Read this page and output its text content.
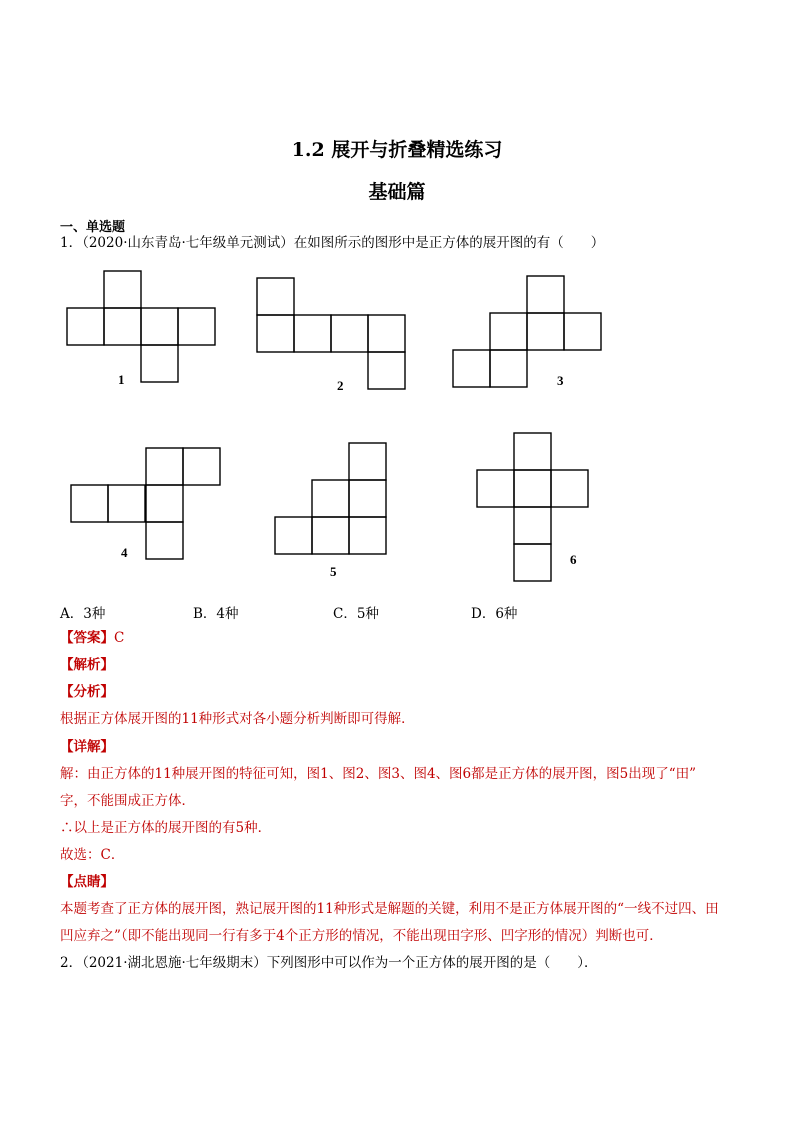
1.2 展开与折叠精选练习
基础篇
一、单选题
1．（2020·山东青岛·七年级单元测试）在如图所示的图形中是正方体的展开图的有（　　）
1	2	3
4
5
6
A．3种	B．4种	C．5种	D．6种
【答案】C
【解析】
【分析】
根据正方体展开图的11种形式对各小题分析判断即可得解．
【详解】
解：由正方体的11种展开图的特征可知，图1、图2、图3、图4、图6都是正方体的展开图，图5出现了“田”
字，不能围成正方体．
∴以上是正方体的展开图的有5种．
故选：C．
【点睛】
本题考查了正方体的展开图，熟记展开图的11种形式是解题的关键，利用不是正方体展开图的“一线不过四、田
凹应弃之”（即不能出现同一行有多于4个正方形的情况，不能出现田字形、凹字形的情况）判断也可．
2．（2021·湖北恩施·七年级期末）下列图形中可以作为一个正方体的展开图的是（　　）．
